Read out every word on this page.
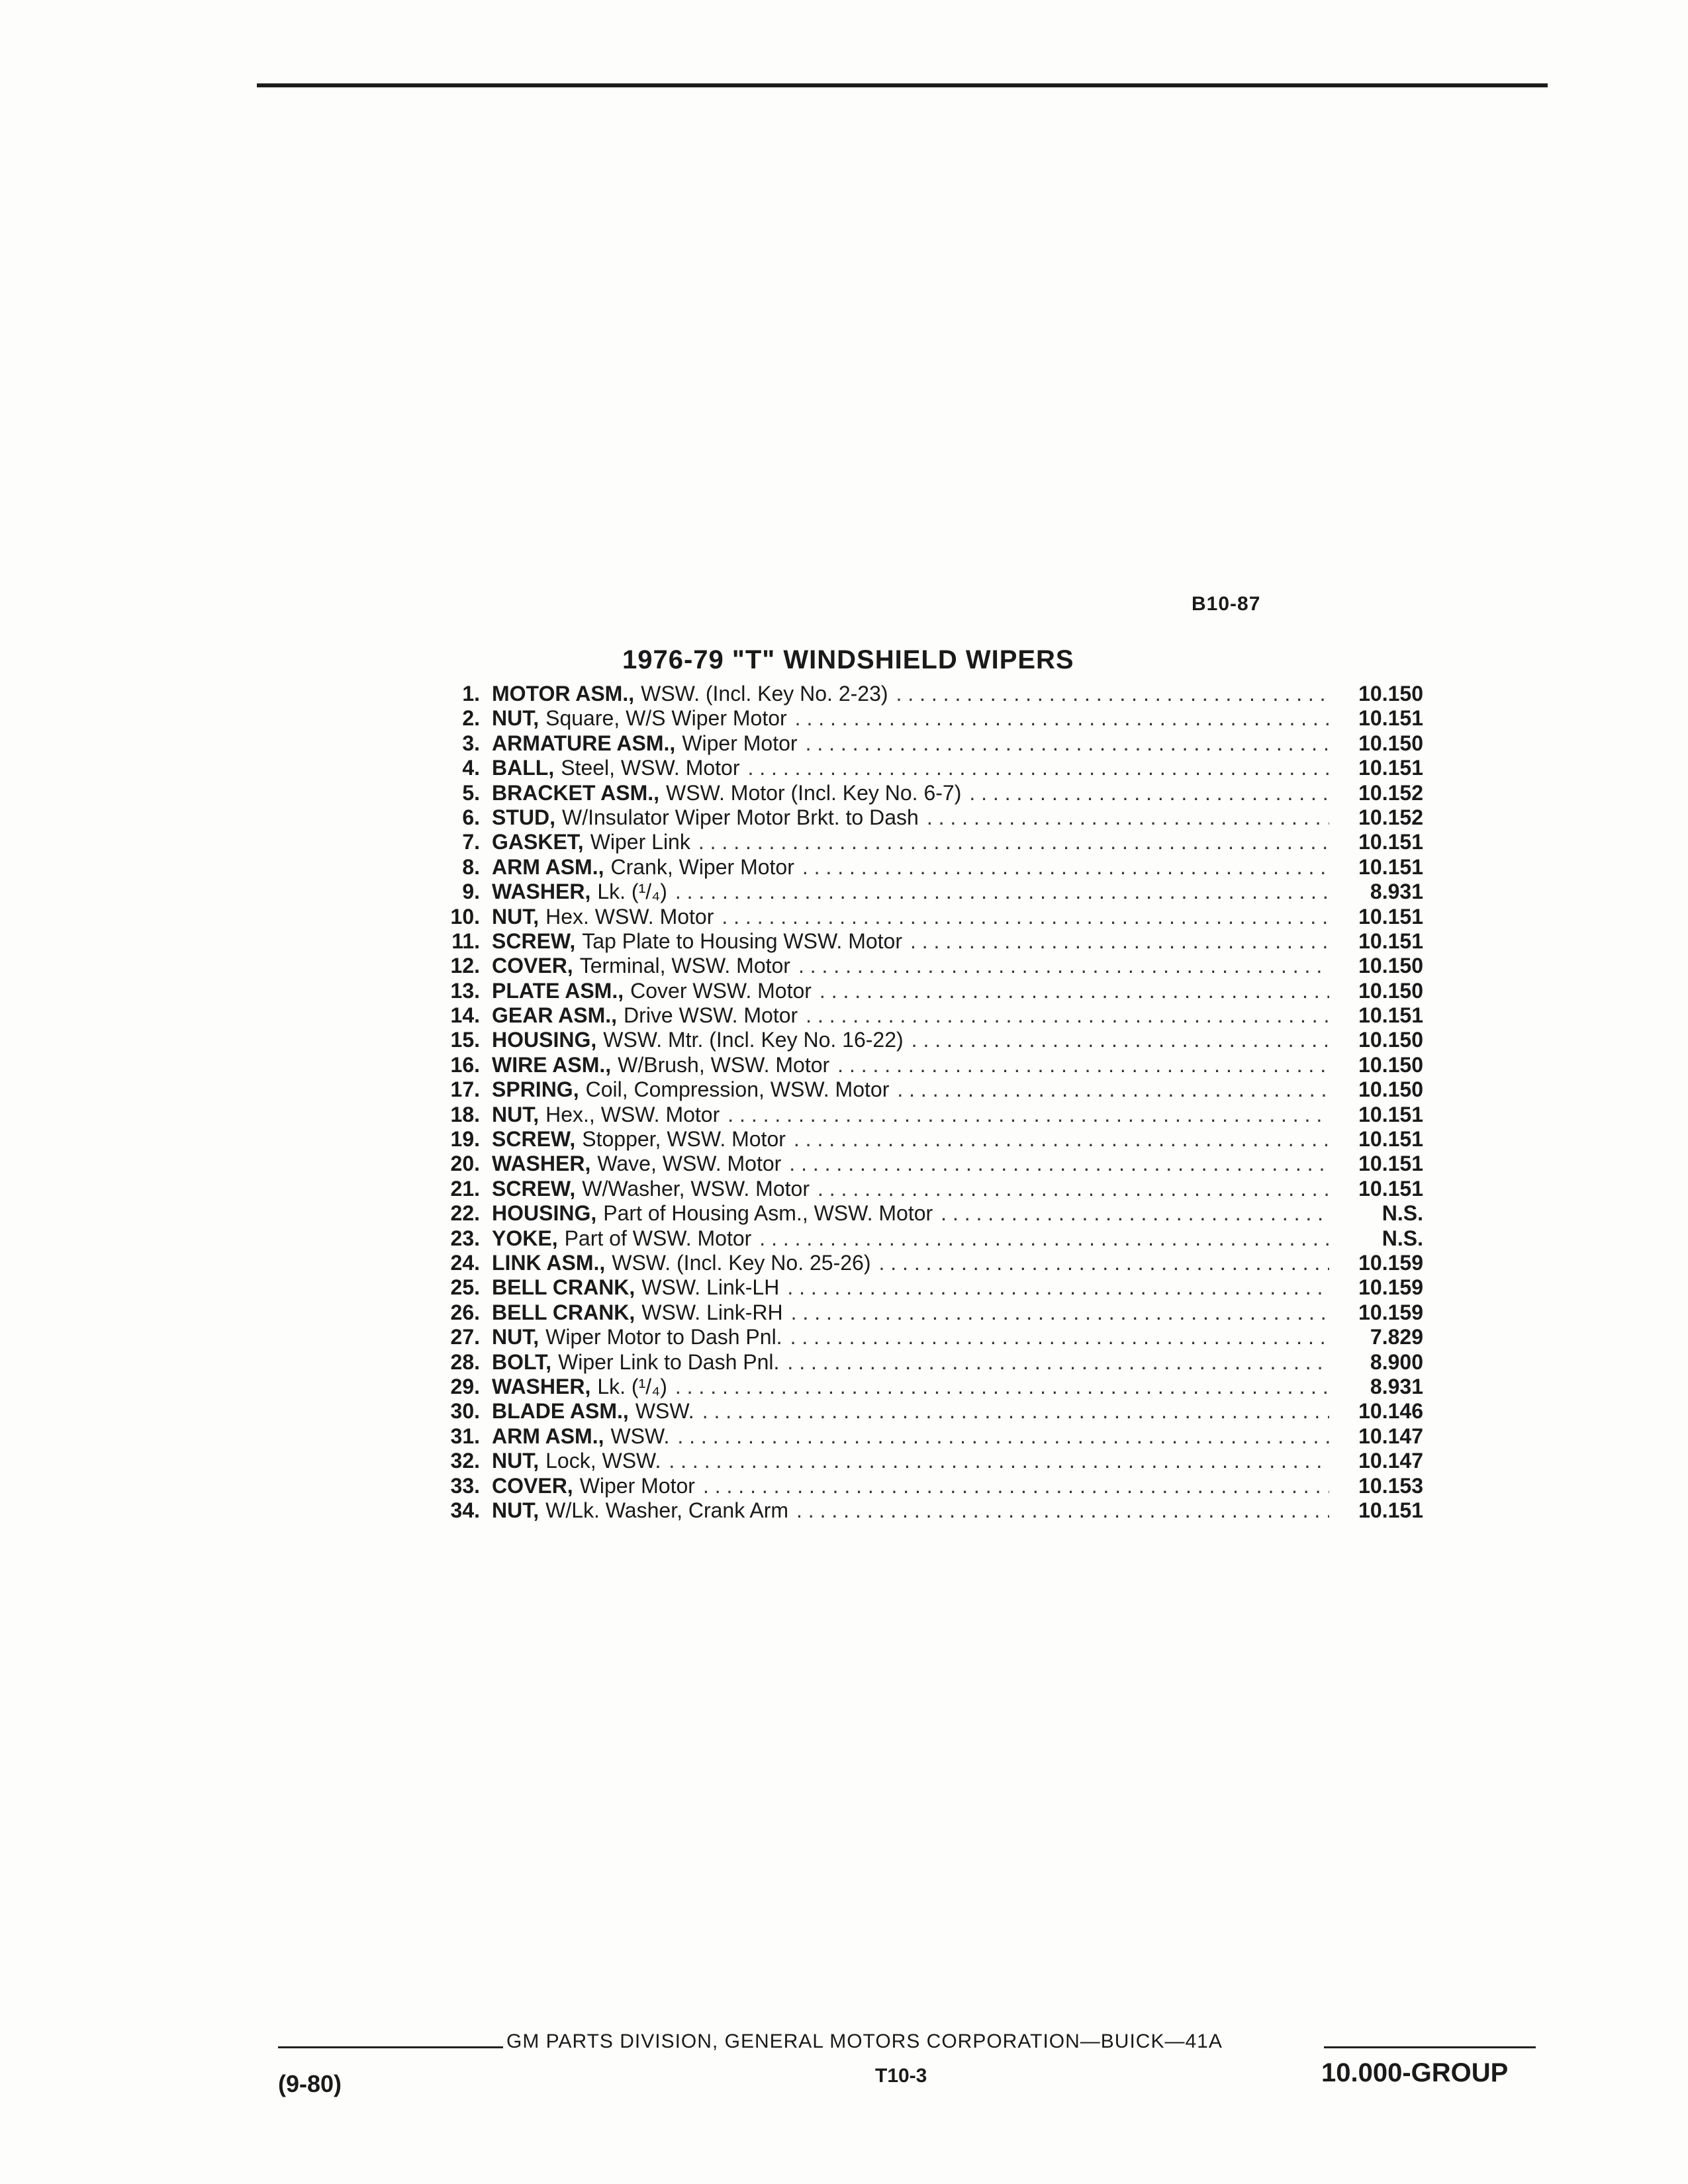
B10-87
1976-79 "T" WINDSHIELD WIPERS
1. MOTOR ASM., WSW. (Incl. Key No. 2-23) . . .	10.150
2. NUT, Square, W/S Wiper Motor . . .	10.151
3. ARMATURE ASM., Wiper Motor . . .	10.150
4. BALL, Steel, WSW. Motor . . .	10.151
5. BRACKET ASM., WSW. Motor (Incl. Key No. 6-7) . . .	10.152
6. STUD, W/Insulator Wiper Motor Brkt. to Dash . . .	10.152
7. GASKET, Wiper Link . . .	10.151
8. ARM ASM., Crank, Wiper Motor . . .	10.151
9. WASHER, Lk. (¹/₄) . . .	8.931
10. NUT, Hex. WSW. Motor . . .	10.151
11. SCREW, Tap Plate to Housing WSW. Motor . . .	10.151
12. COVER, Terminal, WSW. Motor . . .	10.150
13. PLATE ASM., Cover WSW. Motor . . .	10.150
14. GEAR ASM., Drive WSW. Motor . . .	10.151
15. HOUSING, WSW. Mtr. (Incl. Key No. 16-22) . . .	10.150
16. WIRE ASM., W/Brush, WSW. Motor . . .	10.150
17. SPRING, Coil, Compression, WSW. Motor . . .	10.150
18. NUT, Hex., WSW. Motor . . .	10.151
19. SCREW, Stopper, WSW. Motor . . .	10.151
20. WASHER, Wave, WSW. Motor . . .	10.151
21. SCREW, W/Washer, WSW. Motor . . .	10.151
22. HOUSING, Part of Housing Asm., WSW. Motor . . .	N.S.
23. YOKE, Part of WSW. Motor . . .	N.S.
24. LINK ASM., WSW. (Incl. Key No. 25-26) . . .	10.159
25. BELL CRANK, WSW. Link-LH . . .	10.159
26. BELL CRANK, WSW. Link-RH . . .	10.159
27. NUT, Wiper Motor to Dash Pnl. . . .	7.829
28. BOLT, Wiper Link to Dash Pnl. . . .	8.900
29. WASHER, Lk. (¹/₄) . . .	8.931
30. BLADE ASM., WSW. . . .	10.146
31. ARM ASM., WSW. . . .	10.147
32. NUT, Lock, WSW. . . .	10.147
33. COVER, Wiper Motor . . .	10.153
34. NUT, W/Lk. Washer, Crank Arm . . .	10.151
GM PARTS DIVISION, GENERAL MOTORS CORPORATION—BUICK—41A
(9-80)	T10-3	10.000-GROUP
